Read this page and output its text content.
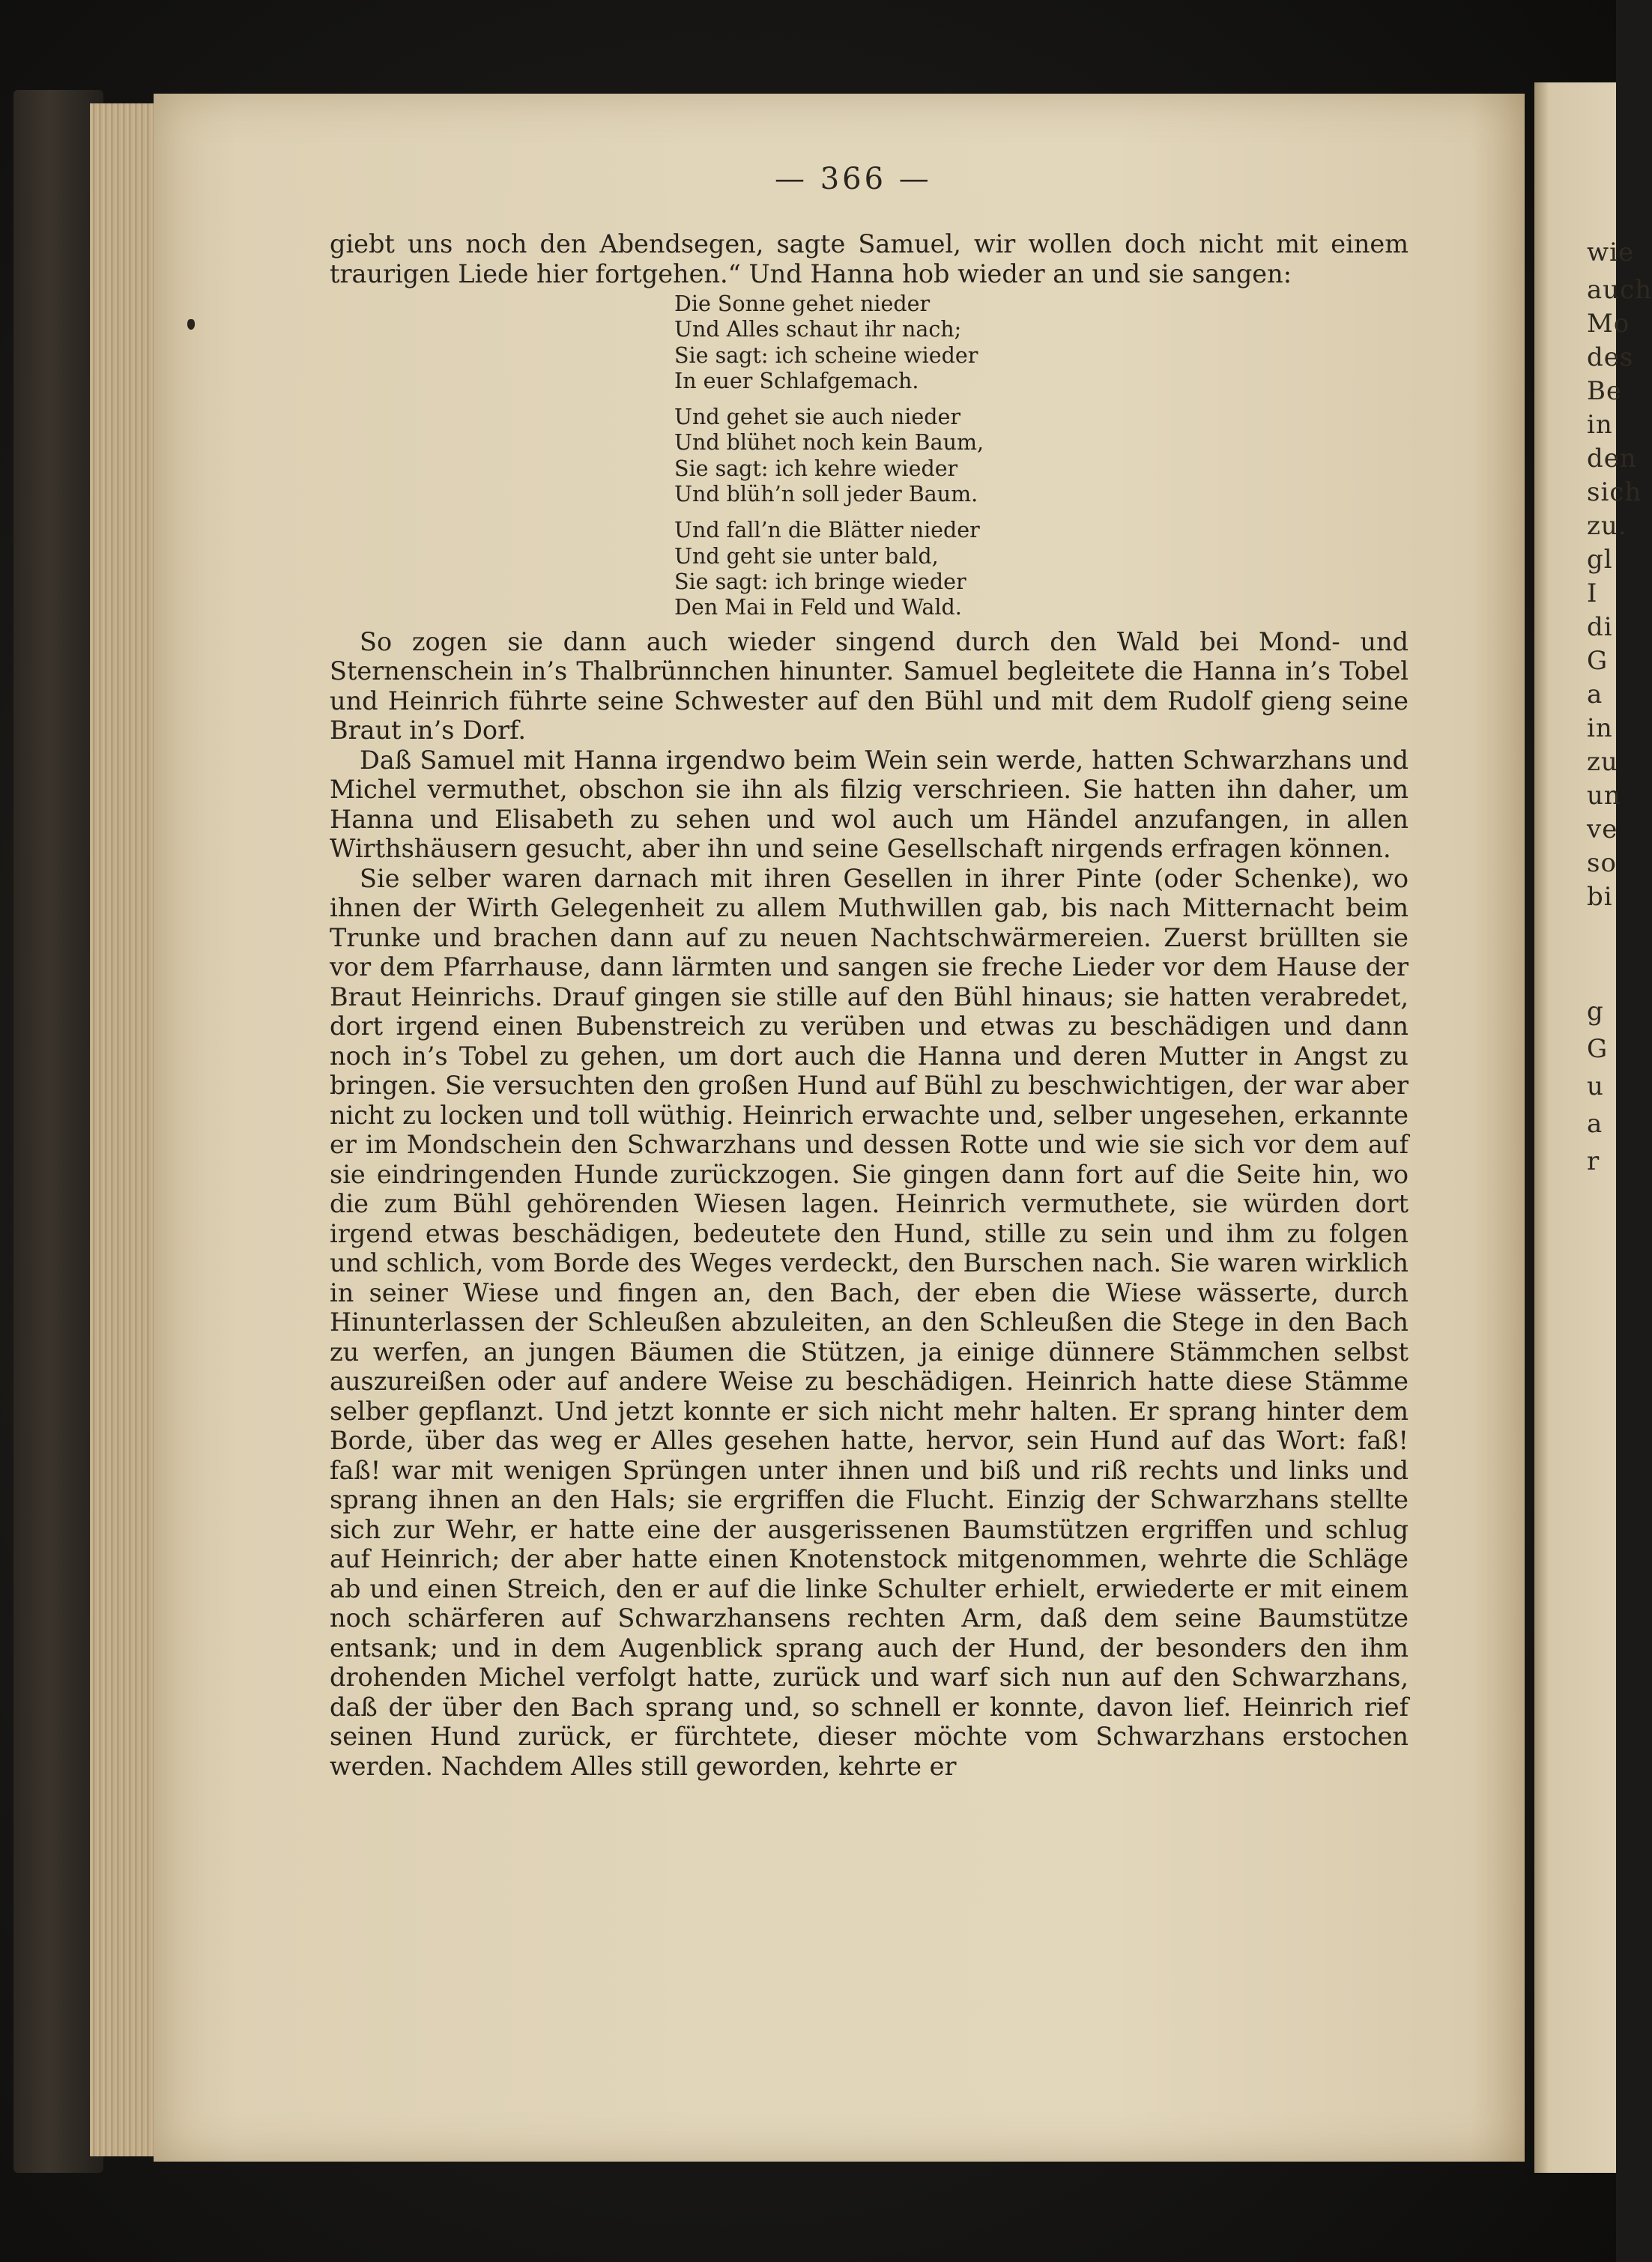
wie
auch
Mo
des
Be
in
den
sich
zu.
gl
I
di
G
a
in
zu
un
ve
so
bi
g
G
u
a
r
— 366 —

giebt uns noch den Abendsegen, sagte Samuel, wir wollen doch nicht mit einem traurigen Liede hier fortgehen.“ Und Hanna hob wieder an und sie sangen:

Die Sonne gehet nieder
Und Alles schaut ihr nach;
Sie sagt: ich scheine wieder
In euer Schlafgemach.
Und gehet sie auch nieder
Und blühet noch kein Baum,
Sie sagt: ich kehre wieder
Und blüh’n soll jeder Baum.
Und fall’n die Blätter nieder
Und geht sie unter bald,
Sie sagt: ich bringe wieder
Den Mai in Feld und Wald.

So zogen sie dann auch wieder singend durch den Wald bei Mond- und Sternenschein in’s Thalbrünnchen hinunter. Samuel begleitete die Hanna in’s Tobel und Heinrich führte seine Schwester auf den Bühl und mit dem Rudolf gieng seine Braut in’s Dorf.

Daß Samuel mit Hanna irgendwo beim Wein sein werde, hatten Schwarzhans und Michel vermuthet, obschon sie ihn als filzig verschrieen. Sie hatten ihn daher, um Hanna und Elisabeth zu sehen und wol auch um Händel anzufangen, in allen Wirthshäusern gesucht, aber ihn und seine Gesellschaft nirgends erfragen können.

Sie selber waren darnach mit ihren Gesellen in ihrer Pinte (oder Schenke), wo ihnen der Wirth Gelegenheit zu allem Muthwillen gab, bis nach Mitternacht beim Trunke und brachen dann auf zu neuen Nachtschwärmereien. Zuerst brüllten sie vor dem Pfarrhause, dann lärmten und sangen sie freche Lieder vor dem Hause der Braut Heinrichs. Drauf gingen sie stille auf den Bühl hinaus; sie hatten verabredet, dort irgend einen Bubenstreich zu verüben und etwas zu beschädigen und dann noch in’s Tobel zu gehen, um dort auch die Hanna und deren Mutter in Angst zu bringen. Sie versuchten den großen Hund auf Bühl zu beschwichtigen, der war aber nicht zu locken und toll wüthig. Heinrich erwachte und, selber ungesehen, erkannte er im Mondschein den Schwarzhans und dessen Rotte und wie sie sich vor dem auf sie eindringenden Hunde zurückzogen. Sie gingen dann fort auf die Seite hin, wo die zum Bühl gehörenden Wiesen lagen. Heinrich vermuthete, sie würden dort irgend etwas beschädigen, bedeutete den Hund, stille zu sein und ihm zu folgen und schlich, vom Borde des Weges verdeckt, den Burschen nach. Sie waren wirklich in seiner Wiese und fingen an, den Bach, der eben die Wiese wässerte, durch Hinunterlassen der Schleußen abzuleiten, an den Schleußen die Stege in den Bach zu werfen, an jungen Bäumen die Stützen, ja einige dünnere Stämmchen selbst auszureißen oder auf andere Weise zu beschädigen. Heinrich hatte diese Stämme selber gepflanzt. Und jetzt konnte er sich nicht mehr halten. Er sprang hinter dem Borde, über das weg er Alles gesehen hatte, hervor, sein Hund auf das Wort: faß! faß! war mit wenigen Sprüngen unter ihnen und biß und riß rechts und links und sprang ihnen an den Hals; sie ergriffen die Flucht. Einzig der Schwarzhans stellte sich zur Wehr, er hatte eine der ausgerissenen Baumstützen ergriffen und schlug auf Heinrich; der aber hatte einen Knotenstock mitgenommen, wehrte die Schläge ab und einen Streich, den er auf die linke Schulter erhielt, erwiederte er mit einem noch schärferen auf Schwarzhansens rechten Arm, daß dem seine Baumstütze entsank; und in dem Augenblick sprang auch der Hund, der besonders den ihm drohenden Michel verfolgt hatte, zurück und warf sich nun auf den Schwarzhans, daß der über den Bach sprang und, so schnell er konnte, davon lief. Heinrich rief seinen Hund zurück, er fürchtete, dieser möchte vom Schwarzhans erstochen werden. Nachdem Alles still geworden, kehrte er
